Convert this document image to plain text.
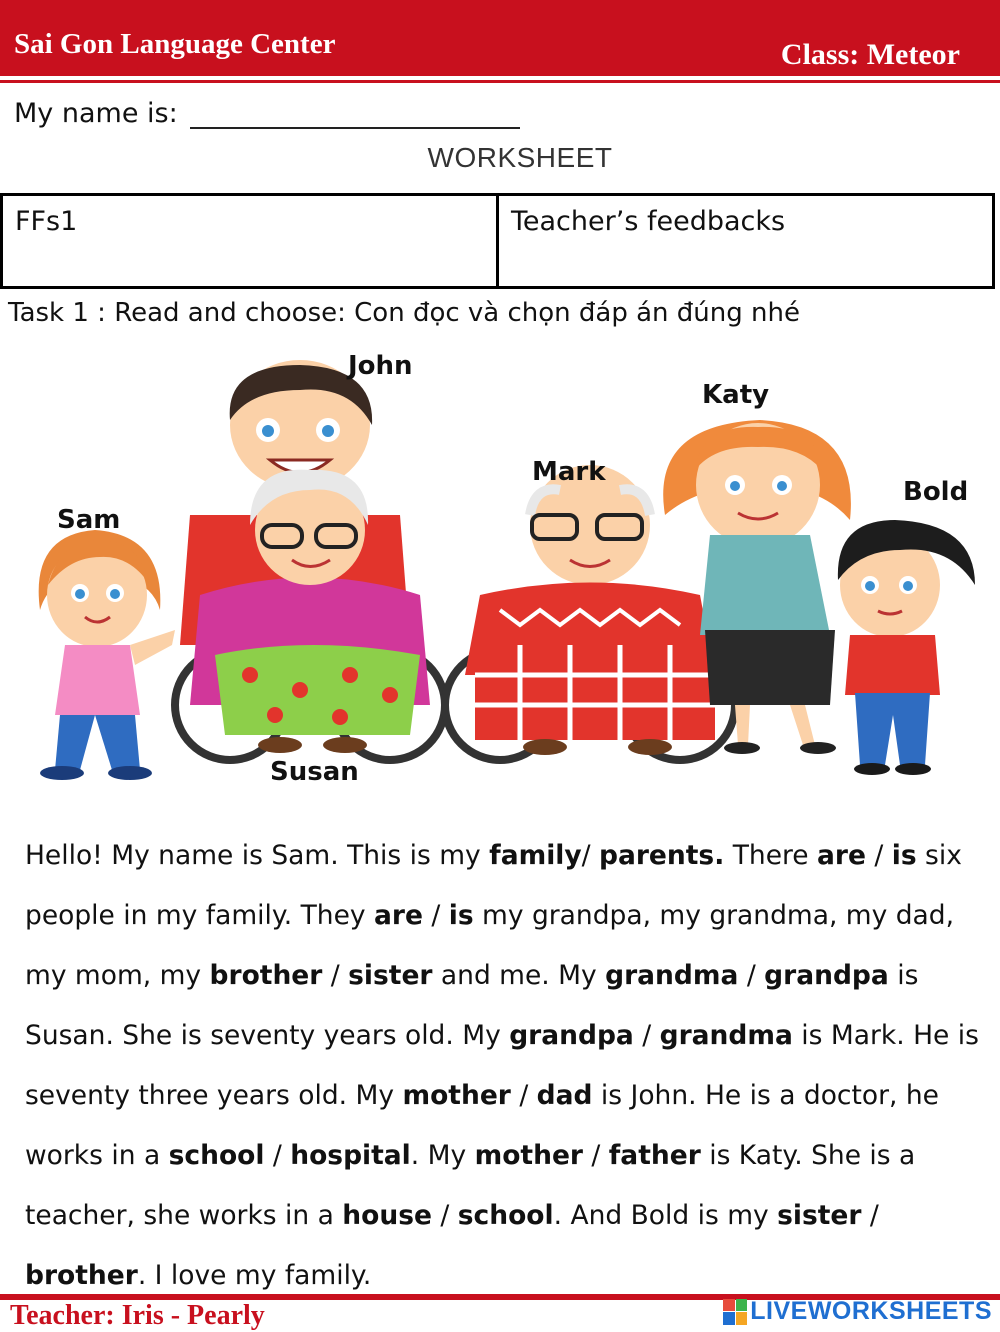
Sai Gon Language Center	Class: Meteor
My name is:
WORKSHEET
FFs1	Teacher’s feedbacks
Task 1 : Read and choose: Con đọc và chọn đáp án đúng nhé
John
Katy
Mark
Bold
Sam
Susan
Hello! My name is Sam. This is my family/ parents. There are / is six
people in my family. They are / is my grandpa, my grandma, my dad,
my mom, my brother / sister and me. My grandma / grandpa is
Susan. She is seventy years old. My grandpa / grandma is Mark. He is
seventy three years old. My mother / dad is John. He is a doctor, he
works in a school / hospital. My mother / father is Katy. She is a
teacher, she works in a house / school. And Bold is my sister /
brother. I love my family.
Teacher: Iris - Pearly	LIVEWORKSHEETS
